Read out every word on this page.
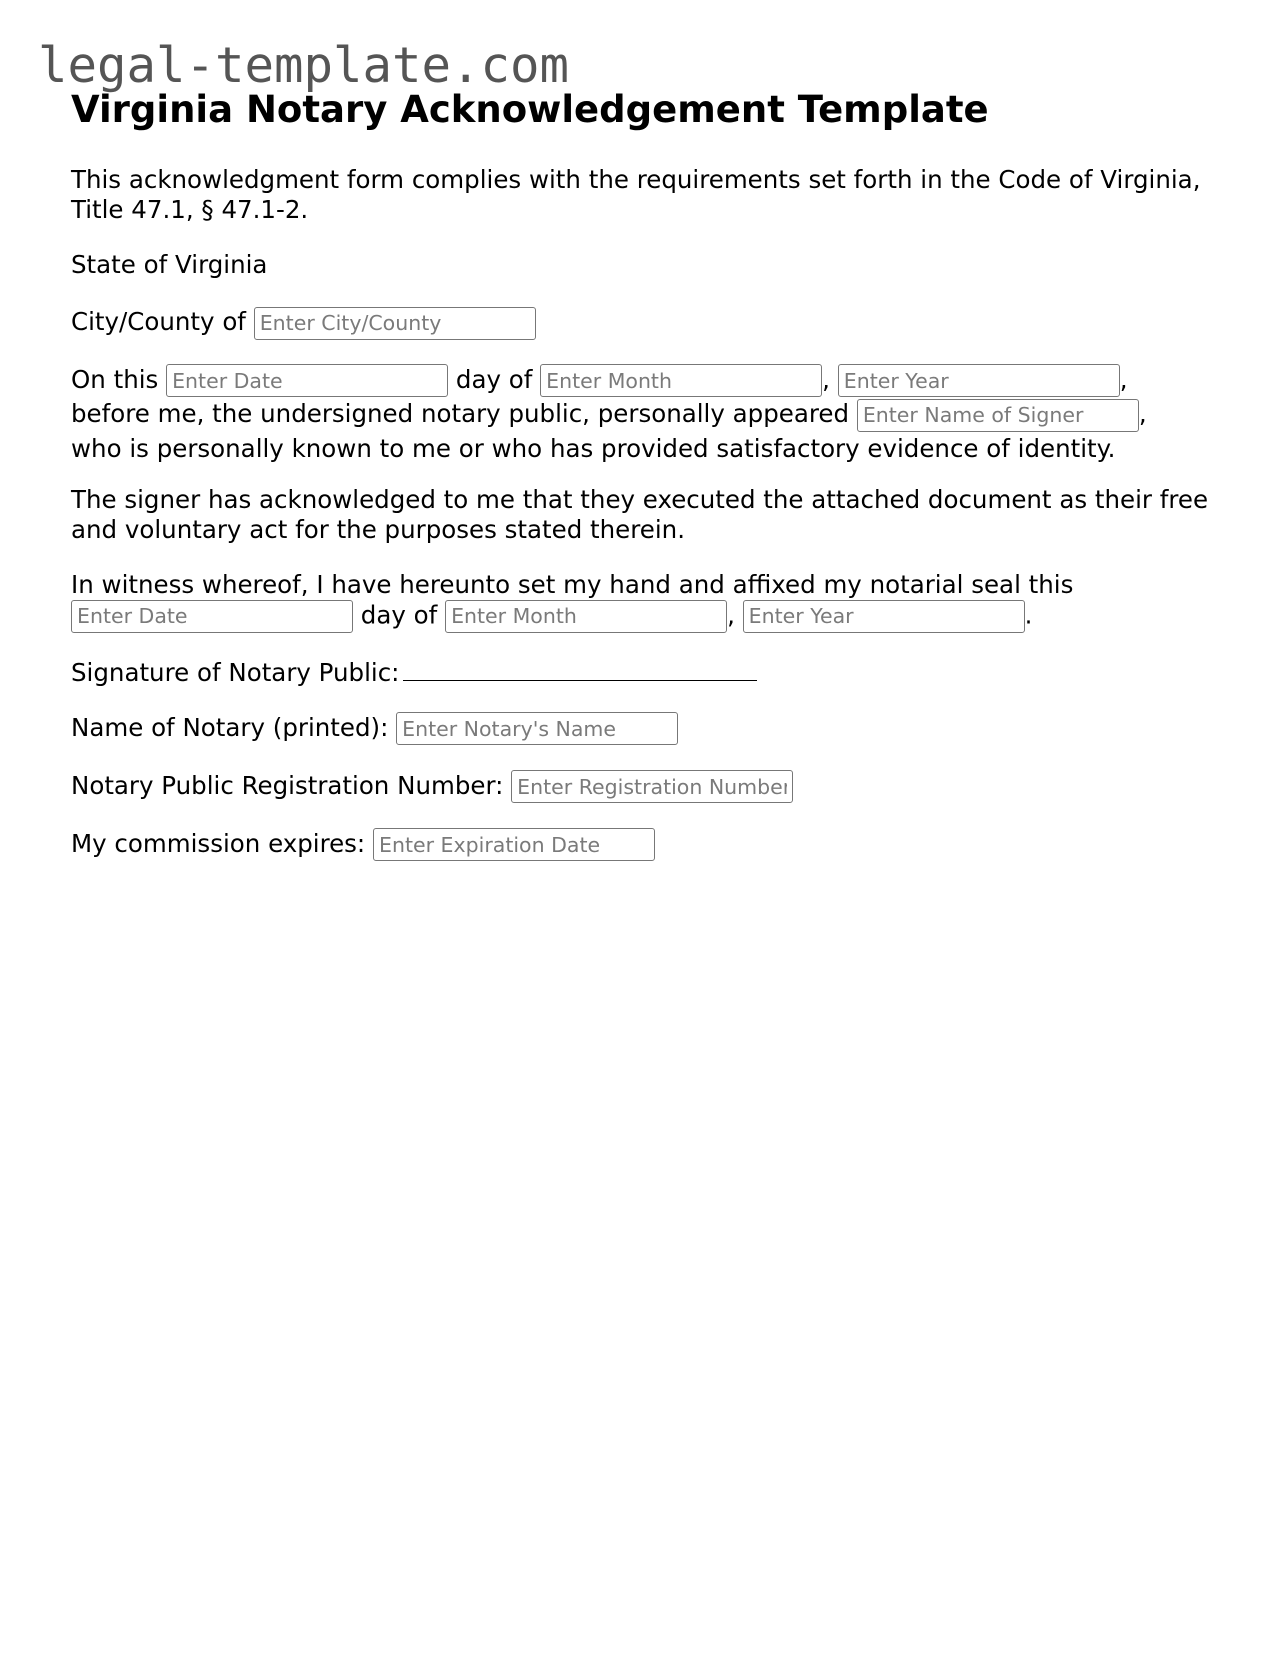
legal-template.com
Virginia Notary Acknowledgement Template

This acknowledgment form complies with the requirements set forth in the Code of Virginia, Title 47.1, § 47.1-2.

State of Virginia

City/County of Enter City/County

On this Enter Date	day of Enter Month	, Enter Year	,
before me, the undersigned notary public, personally appeared Enter Name of Signer	,
who is personally known to me or who has provided satisfactory evidence of identity.

The signer has acknowledged to me that they executed the attached document as their free and voluntary act for the purposes stated therein.

In witness whereof, I have hereunto set my hand and affixed my notarial seal this
Enter Date day of Enter Month	, Enter Year	.

Signature of Notary Public:

Name of Notary (printed): Enter Notary's Name

Notary Public Registration Number: Enter Registration Number

My commission expires: Enter Expiration Date
